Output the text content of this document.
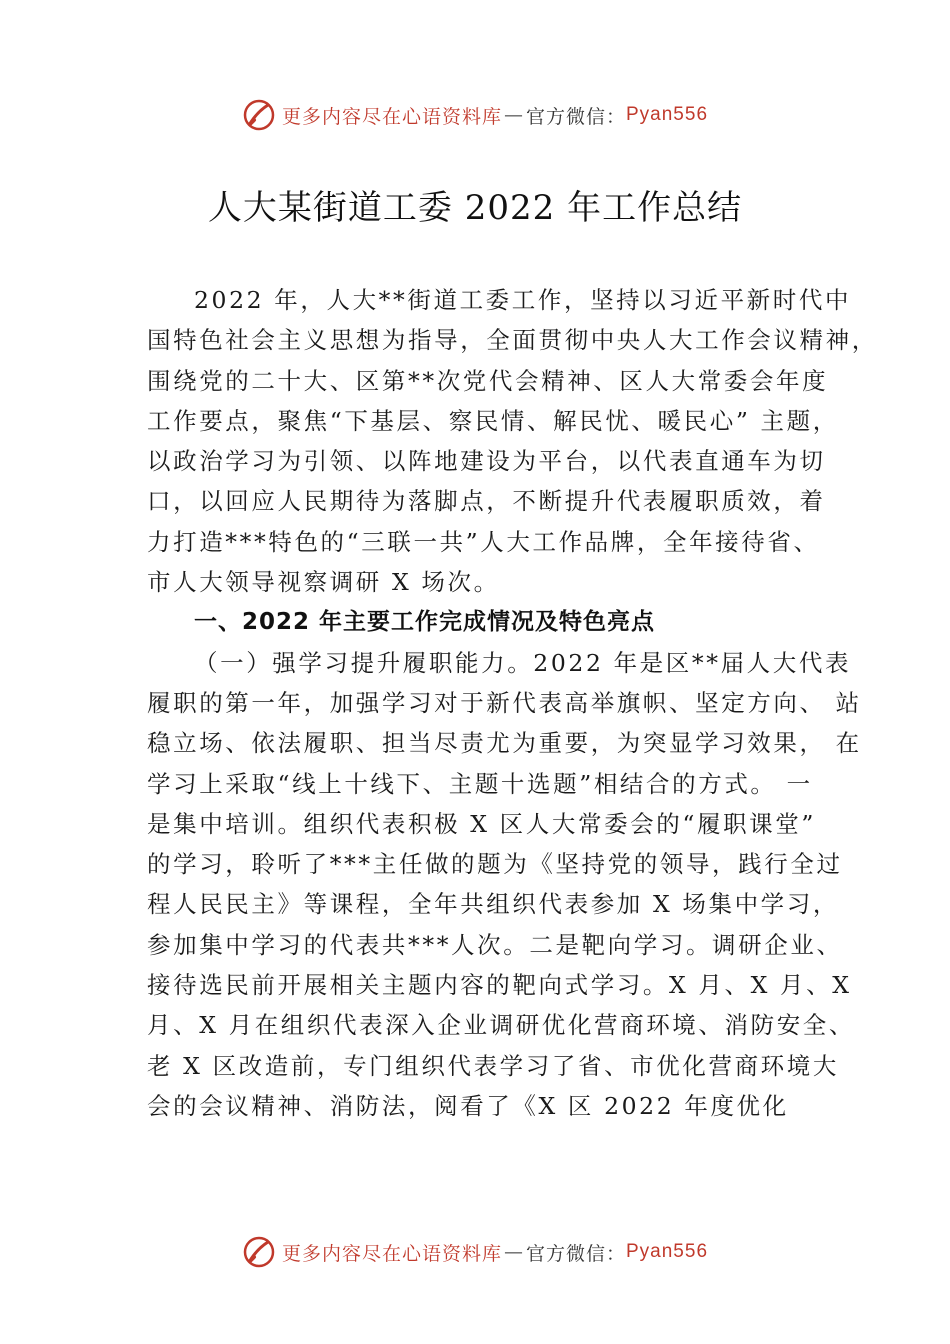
更多内容尽在心语资料库 — 官方微信： Pyan556
人大某街道工委 2022 年工作总结
2022 年，人大**街道工委工作，坚持以习近平新时代中
国特色社会主义思想为指导，全面贯彻中央人大工作会议精神，
围绕党的二十大、区第**次党代会精神、区人大常委会年度
工作要点，聚焦“下基层、察民情、解民忧、暖民心” 主题，
以政治学习为引领、以阵地建设为平台，以代表直通车为切
口，以回应人民期待为落脚点，不断提升代表履职质效，着
力打造***特色的“三联一共”人大工作品牌，全年接待省、
市人大领导视察调研 X 场次。
一、2022 年主要工作完成情况及特色亮点
（一）强学习提升履职能力。2022 年是区**届人大代表
履职的第一年，加强学习对于新代表高举旗帜、坚定方向、 站
稳立场、依法履职、担当尽责尤为重要，为突显学习效果， 在
学习上采取“线上十线下、主题十选题”相结合的方式。 一
是集中培训。组织代表积极 X 区人大常委会的“履职课堂”
的学习，聆听了***主任做的题为《坚持党的领导，践行全过
程人民民主》等课程，全年共组织代表参加 X 场集中学习，
参加集中学习的代表共***人次。二是靶向学习。调研企业、
接待选民前开展相关主题内容的靶向式学习。X 月、X 月、X
月、X 月在组织代表深入企业调研优化营商环境、消防安全、
老 X 区改造前，专门组织代表学习了省、市优化营商环境大
会的会议精神、消防法，阅看了《X 区 2022 年度优化
更多内容尽在心语资料库 — 官方微信： Pyan556
